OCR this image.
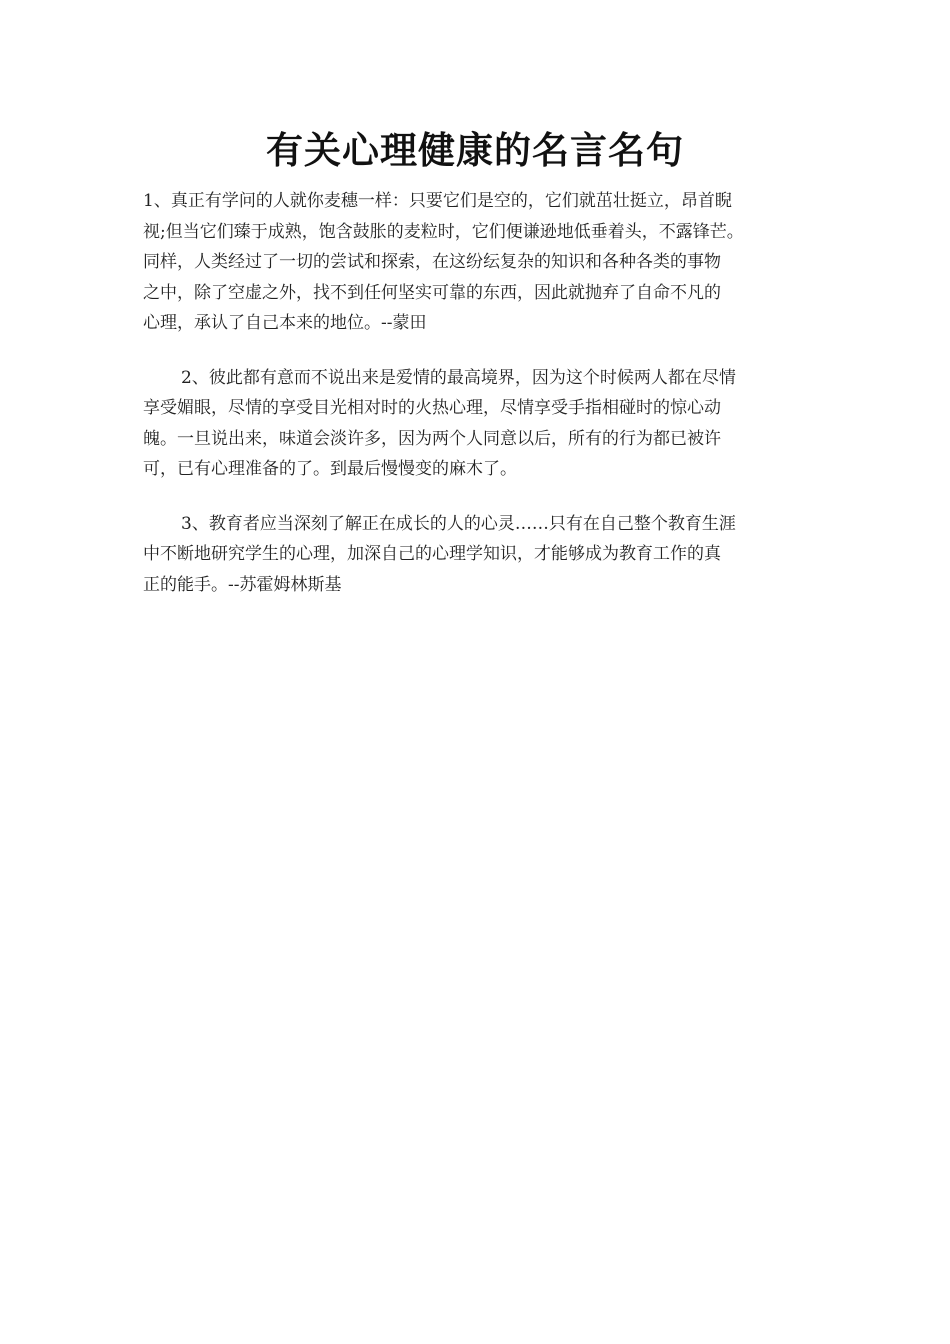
有关心理健康的名言名句

1、真正有学问的人就你麦穗一样：只要它们是空的，它们就茁壮挺立，昂首睨
视;但当它们臻于成熟，饱含鼓胀的麦粒时，它们便谦逊地低垂着头，不露锋芒。
同样，人类经过了一切的尝试和探索，在这纷纭复杂的知识和各种各类的事物
之中，除了空虚之外，找不到任何坚实可靠的东西，因此就抛弃了自命不凡的
心理，承认了自己本来的地位。--蒙田

2、彼此都有意而不说出来是爱情的最高境界，因为这个时候两人都在尽情
享受媚眼，尽情的享受目光相对时的火热心理，尽情享受手指相碰时的惊心动
魄。一旦说出来，味道会淡许多，因为两个人同意以后，所有的行为都已被许
可，已有心理准备的了。到最后慢慢变的麻木了。

3、教育者应当深刻了解正在成长的人的心灵……只有在自己整个教育生涯
中不断地研究学生的心理，加深自己的心理学知识，才能够成为教育工作的真
正的能手。--苏霍姆林斯基
